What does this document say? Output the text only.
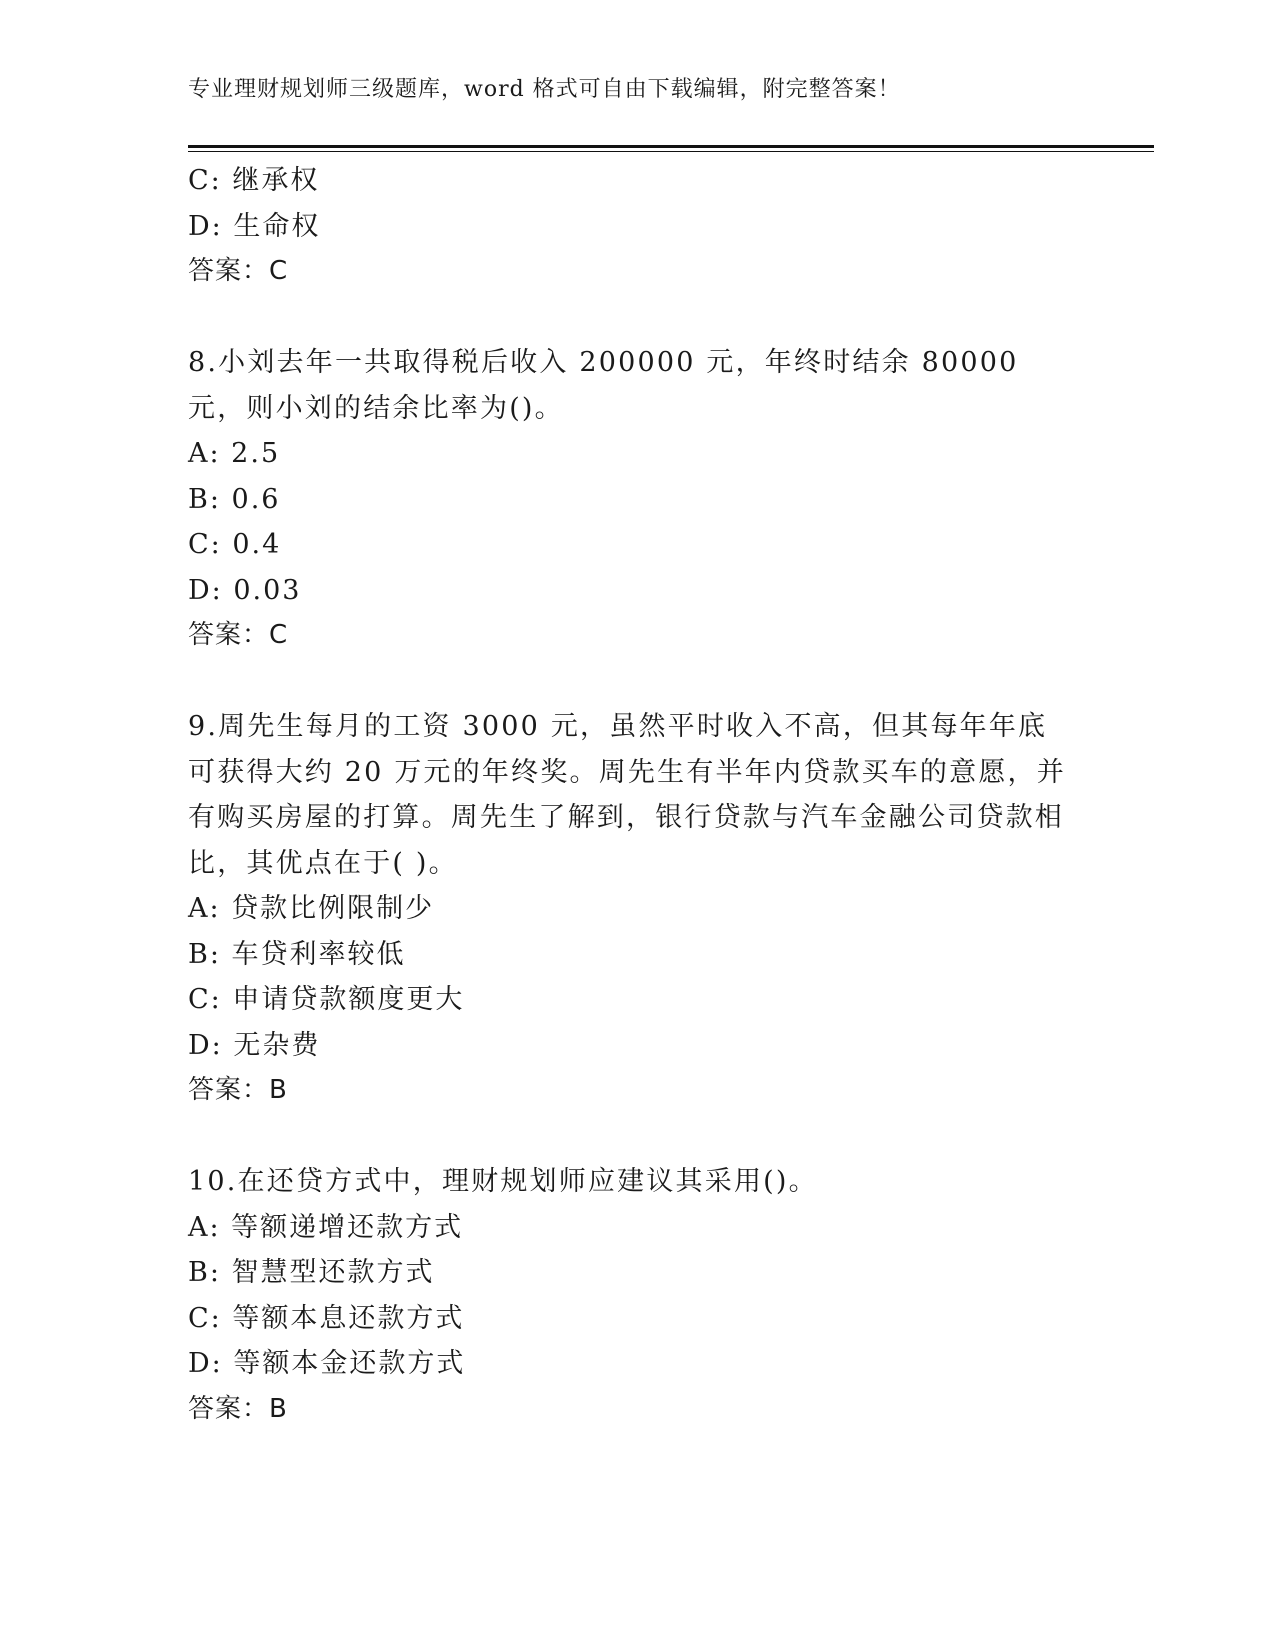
专业理财规划师三级题库，word 格式可自由下载编辑，附完整答案！
C: 继承权
D: 生命权
答案：C
8.小刘去年一共取得税后收入 200000 元，年终时结余 80000 元，则小刘的结余比率为()。
A: 2.5
B: 0.6
C: 0.4
D: 0.03
答案：C
9.周先生每月的工资 3000 元，虽然平时收入不高，但其每年年底可获得大约 20 万元的年终奖。周先生有半年内贷款买车的意愿，并有购买房屋的打算。周先生了解到，银行贷款与汽车金融公司贷款相比，其优点在于( )。
A: 贷款比例限制少
B: 车贷利率较低
C: 申请贷款额度更大
D: 无杂费
答案：B
10.在还贷方式中，理财规划师应建议其采用()。
A: 等额递增还款方式
B: 智慧型还款方式
C: 等额本息还款方式
D: 等额本金还款方式
答案：B
